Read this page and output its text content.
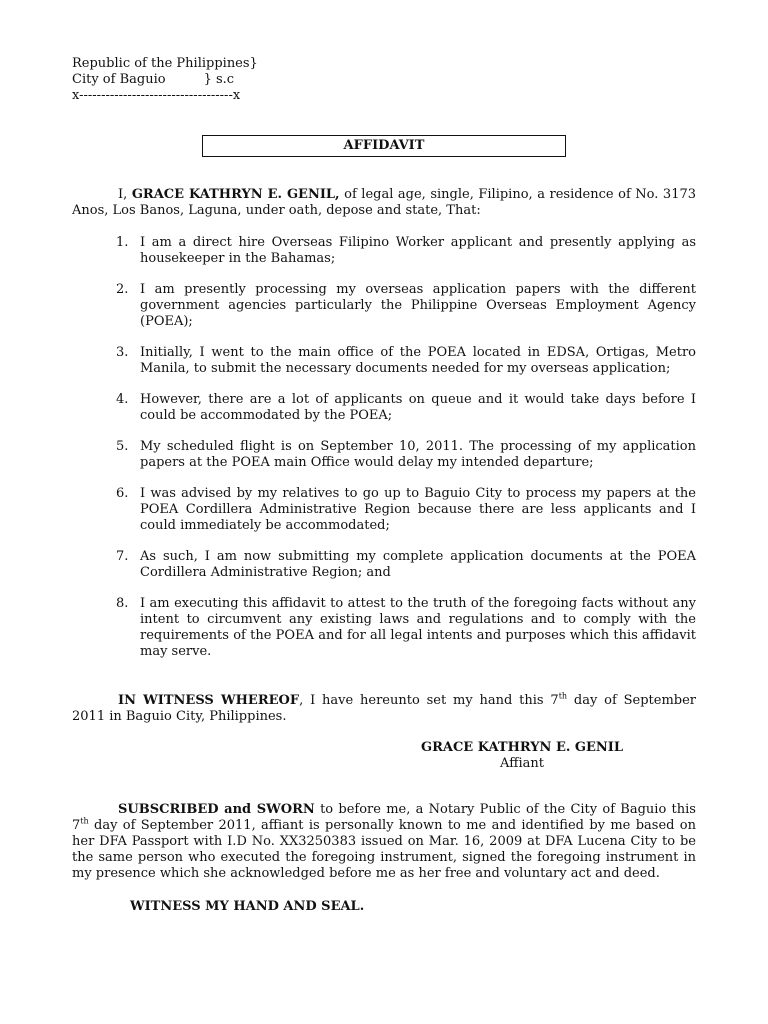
Republic of the Philippines}
City of Baguio	} s.c
x-----------------------------------x
AFFIDAVIT
I, GRACE KATHRYN E. GENIL, of legal age, single, Filipino, a residence of No. 3173 Anos, Los Banos, Laguna, under oath, depose and state, That:
1. I am a direct hire Overseas Filipino Worker applicant and presently applying as housekeeper in the Bahamas;
2. I am presently processing my overseas application papers with the different government agencies particularly the Philippine Overseas Employment Agency (POEA);
3. Initially, I went to the main office of the POEA located in EDSA, Ortigas, Metro Manila, to submit the necessary documents needed for my overseas application;
4. However, there are a lot of applicants on queue and it would take days before I could be accommodated by the POEA;
5. My scheduled flight is on September 10, 2011. The processing of my application papers at the POEA main Office would delay my intended departure;
6. I was advised by my relatives to go up to Baguio City to process my papers at the POEA Cordillera Administrative Region because there are less applicants and I could immediately be accommodated;
7. As such, I am now submitting my complete application documents at the POEA Cordillera Administrative Region; and
8. I am executing this affidavit to attest to the truth of the foregoing facts without any intent to circumvent any existing laws and regulations and to comply with the requirements of the POEA and for all legal intents and purposes which this affidavit may serve.
IN WITNESS WHEREOF, I have hereunto set my hand this 7th day of September 2011 in Baguio City, Philippines.
GRACE KATHRYN E. GENIL
Affiant
SUBSCRIBED and SWORN to before me, a Notary Public of the City of Baguio this 7th day of September 2011, affiant is personally known to me and identified by me based on her DFA Passport with I.D No. XX3250383 issued on Mar. 16, 2009 at DFA Lucena City to be the same person who executed the foregoing instrument, signed the foregoing instrument in my presence which she acknowledged before me as her free and voluntary act and deed.
WITNESS MY HAND AND SEAL.
